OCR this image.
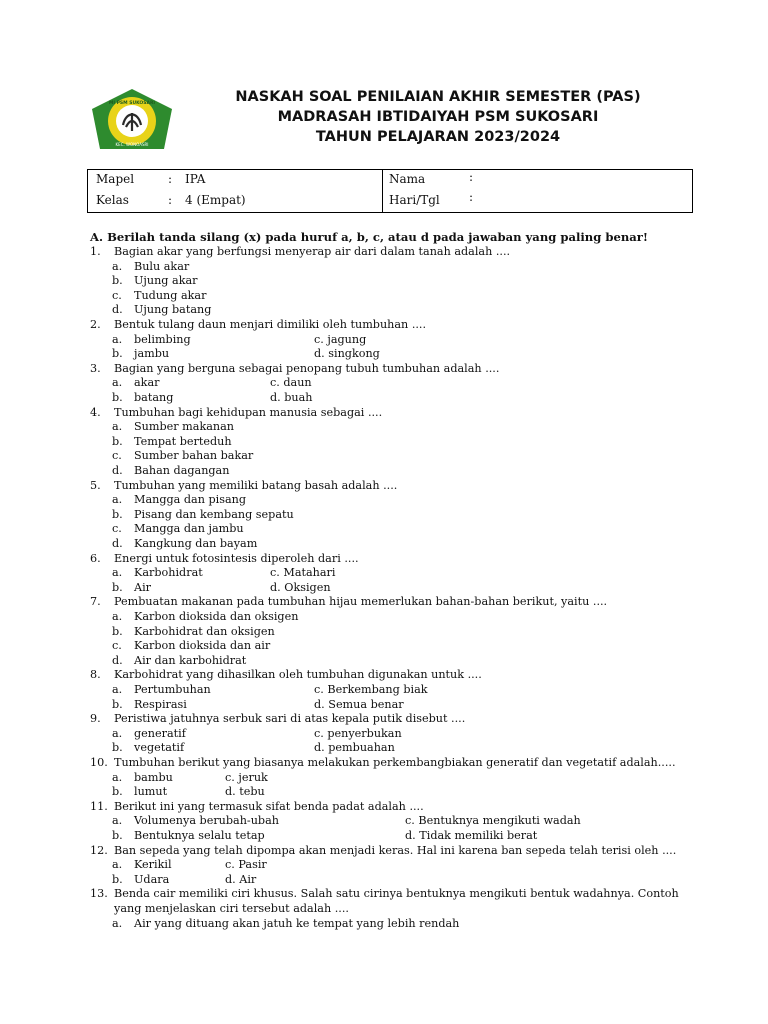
MI PSM SUKOSARI
KEC. WONOASRI
NASKAH SOAL PENILAIAN AKHIR SEMESTER (PAS)
MADRASAH IBTIDAIYAH PSM SUKOSARI
TAHUN PELAJARAN 2023/2024
Mapel	: IPA
Kelas	: 4 (Empat)
Nama	:
Hari/Tgl :
A. Berilah tanda silang (x) pada huruf a, b, c, atau d pada jawaban yang paling benar!
1. Bagian akar yang berfungsi menyerap air dari dalam tanah adalah ....
a. Bulu akar
b. Ujung akar
c. Tudung akar
d. Ujung batang
2. Bentuk tulang daun menjari dimiliki oleh tumbuhan ....
a. belimbing	c. jagung
b. jambu	d. singkong
3. Bagian yang berguna sebagai penopang tubuh tumbuhan adalah ....
a. akar	c. daun
b. batang	d. buah
4. Tumbuhan bagi kehidupan manusia sebagai ....
a. Sumber makanan
b. Tempat berteduh
c. Sumber bahan bakar
d. Bahan dagangan
5. Tumbuhan yang memiliki batang basah adalah ....
a. Mangga dan pisang
b. Pisang dan kembang sepatu
c. Mangga dan jambu
d. Kangkung dan bayam
6. Energi untuk fotosintesis diperoleh dari ....
a. Karbohidrat	c. Matahari
b. Air	d. Oksigen
7. Pembuatan makanan pada tumbuhan hijau memerlukan bahan-bahan berikut, yaitu ....
a. Karbon dioksida dan oksigen
b. Karbohidrat dan oksigen
c. Karbon dioksida dan air
d. Air dan karbohidrat
8. Karbohidrat yang dihasilkan oleh tumbuhan digunakan untuk ....
a. Pertumbuhan	c. Berkembang biak
b. Respirasi	d. Semua benar
9. Peristiwa jatuhnya serbuk sari di atas kepala putik disebut ....
a. generatif	c. penyerbukan
b. vegetatif	d. pembuahan
10. Tumbuhan berikut yang biasanya melakukan perkembangbiakan generatif dan vegetatif adalah.....
a. bambu	c. jeruk
b. lumut	d. tebu
11. Berikut ini yang termasuk sifat benda padat adalah ....
a. Volumenya berubah-ubah	c. Bentuknya mengikuti wadah
b. Bentuknya selalu tetap	d. Tidak memiliki berat
12. Ban sepeda yang telah dipompa akan menjadi keras. Hal ini karena ban sepeda telah terisi oleh ....
a. Kerikil	c. Pasir
b. Udara	d. Air
13. Benda cair memiliki ciri khusus. Salah satu cirinya bentuknya mengikuti bentuk wadahnya. Contoh
yang menjelaskan ciri tersebut adalah ....
a. Air yang dituang akan jatuh ke tempat yang lebih rendah
